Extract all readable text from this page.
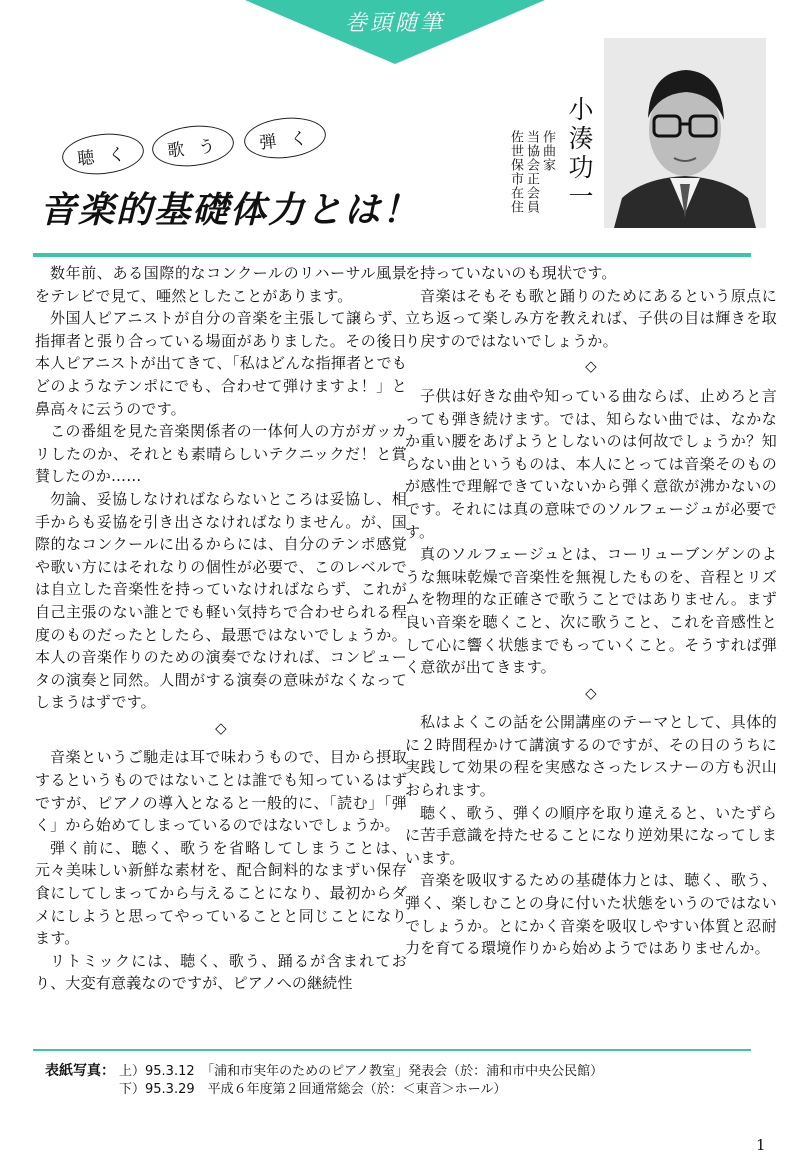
巻頭随筆
聴く	歌う	弾く
音楽的基礎体力とは！	小湊功一
作曲家
当協会正会員
佐世保市在住

数年前、ある国際的なコンクールのリハーサル風景をテレビで見て、唖然としたことがあります。

外国人ピアニストが自分の音楽を主張して譲らず、指揮者と張り合っている場面がありました。その後日本人ピアニストが出てきて、「私はどんな指揮者とでもどのようなテンポにでも、合わせて弾けますよ！」と鼻高々に云うのです。

この番組を見た音楽関係者の一体何人の方がガッカリしたのか、それとも素晴らしいテクニックだ！と賞賛したのか……

勿論、妥協しなければならないところは妥協し、相手からも妥協を引き出さなければなりません。が、国際的なコンクールに出るからには、自分のテンポ感覚や歌い方にはそれなりの個性が必要で、このレベルでは自立した音楽性を持っていなければならず、これが自己主張のない誰とでも軽い気持ちで合わせられる程度のものだったとしたら、最悪ではないでしょうか。本人の音楽作りのための演奏でなければ、コンピュータの演奏と同然。人間がする演奏の意味がなくなってしまうはずです。

◇

音楽というご馳走は耳で味わうもので、目から摂取するというものではないことは誰でも知っているはずですが、ピアノの導入となると一般的に、「読む」「弾く」から始めてしまっているのではないでしょうか。

弾く前に、聴く、歌うを省略してしまうことは、元々美味しい新鮮な素材を、配合飼料的なまずい保存食にしてしまってから与えることになり、最初からダメにしようと思ってやっていることと同じことになります。

リトミックには、聴く、歌う、踊るが含まれており、大変有意義なのですが、ピアノへの継続性

を持っていないのも現状です。

音楽はそもそも歌と踊りのためにあるという原点に立ち返って楽しみ方を教えれば、子供の目は輝きを取り戻すのではないでしょうか。

◇

子供は好きな曲や知っている曲ならば、止めろと言っても弾き続けます。では、知らない曲では、なかなか重い腰をあげようとしないのは何故でしょうか？知らない曲というものは、本人にとっては音楽そのものが感性で理解できていないから弾く意欲が沸かないのです。それには真の意味でのソルフェージュが必要です。

真のソルフェージュとは、コーリューブンゲンのような無味乾燥で音楽性を無視したものを、音程とリズムを物理的な正確さで歌うことではありません。まず良い音楽を聴くこと、次に歌うこと、これを音感性として心に響く状態までもっていくこと。そうすれば弾く意欲が出てきます。

◇

私はよくこの話を公開講座のテーマとして、具体的に２時間程かけて講演するのですが、その日のうちに実践して効果の程を実感なさったレスナーの方も沢山おられます。

聴く、歌う、弾くの順序を取り違えると、いたずらに苦手意識を持たせることになり逆効果になってしまいます。

音楽を吸収するための基礎体力とは、聴く、歌う、弾く、楽しむことの身に付いた状態をいうのではないでしょうか。とにかく音楽を吸収しやすい体質と忍耐力を育てる環境作りから始めようではありませんか。

表紙写真： 上）95.3.12　「浦和市実年のためのピアノ教室」発表会（於：浦和市中央公民館）
下）95.3.29　平成６年度第２回通常総会（於：＜東音＞ホール）
1
